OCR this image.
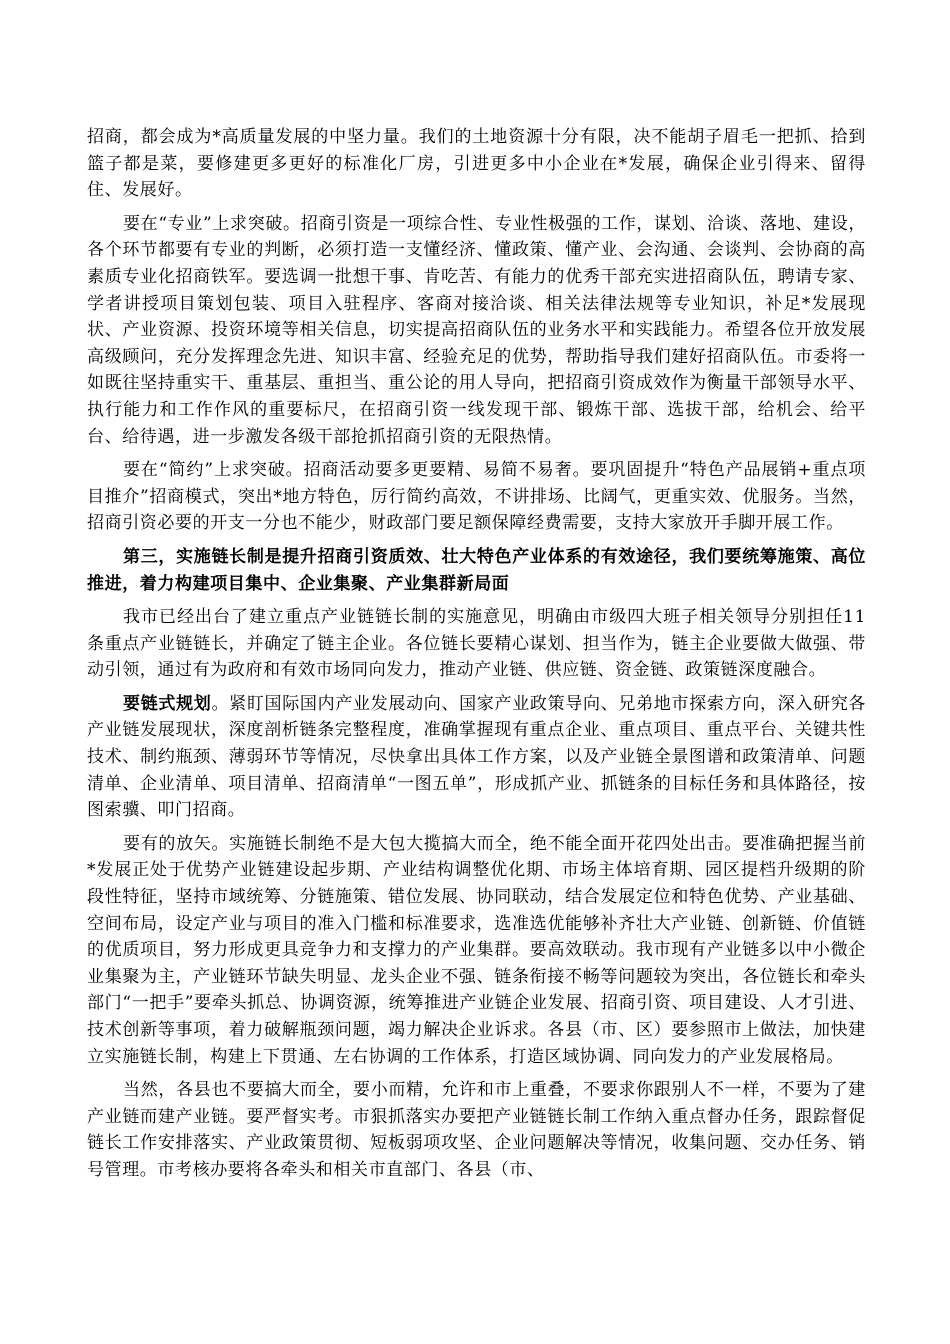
招商，都会成为*高质量发展的中坚力量。我们的土地资源十分有限，决不能胡子眉毛一把抓、拾到篮子都是菜，要修建更多更好的标准化厂房，引进更多中小企业在*发展，确保企业引得来、留得住、发展好。

要在“专业”上求突破。招商引资是一项综合性、专业性极强的工作，谋划、洽谈、落地、建设，各个环节都要有专业的判断，必须打造一支懂经济、懂政策、懂产业、会沟通、会谈判、会协商的高素质专业化招商铁军。要选调一批想干事、肯吃苦、有能力的优秀干部充实进招商队伍，聘请专家、学者讲授项目策划包装、项目入驻程序、客商对接洽谈、相关法律法规等专业知识，补足*发展现状、产业资源、投资环境等相关信息，切实提高招商队伍的业务水平和实践能力。希望各位开放发展高级顾问，充分发挥理念先进、知识丰富、经验充足的优势，帮助指导我们建好招商队伍。市委将一如既往坚持重实干、重基层、重担当、重公论的用人导向，把招商引资成效作为衡量干部领导水平、执行能力和工作作风的重要标尺，在招商引资一线发现干部、锻炼干部、选拔干部，给机会、给平台、给待遇，进一步激发各级干部抢抓招商引资的无限热情。

要在“简约”上求突破。招商活动要多更要精、易简不易奢。要巩固提升“特色产品展销+重点项目推介”招商模式，突出*地方特色，厉行简约高效，不讲排场、比阔气，更重实效、优服务。当然，招商引资必要的开支一分也不能少，财政部门要足额保障经费需要，支持大家放开手脚开展工作。

第三，实施链长制是提升招商引资质效、壮大特色产业体系的有效途径，我们要统筹施策、高位推进，着力构建项目集中、企业集聚、产业集群新局面

我市已经出台了建立重点产业链链长制的实施意见，明确由市级四大班子相关领导分别担任11条重点产业链链长，并确定了链主企业。各位链长要精心谋划、担当作为，链主企业要做大做强、带动引领，通过有为政府和有效市场同向发力，推动产业链、供应链、资金链、政策链深度融合。

要链式规划。紧盯国际国内产业发展动向、国家产业政策导向、兄弟地市探索方向，深入研究各产业链发展现状，深度剖析链条完整程度，准确掌握现有重点企业、重点项目、重点平台、关键共性技术、制约瓶颈、薄弱环节等情况，尽快拿出具体工作方案，以及产业链全景图谱和政策清单、问题清单、企业清单、项目清单、招商清单“一图五单”，形成抓产业、抓链条的目标任务和具体路径，按图索骥、叩门招商。

要有的放矢。实施链长制绝不是大包大揽搞大而全，绝不能全面开花四处出击。要准确把握当前*发展正处于优势产业链建设起步期、产业结构调整优化期、市场主体培育期、园区提档升级期的阶段性特征，坚持市域统筹、分链施策、错位发展、协同联动，结合发展定位和特色优势、产业基础、空间布局，设定产业与项目的准入门槛和标准要求，选准选优能够补齐壮大产业链、创新链、价值链的优质项目，努力形成更具竞争力和支撑力的产业集群。要高效联动。我市现有产业链多以中小微企业集聚为主，产业链环节缺失明显、龙头企业不强、链条衔接不畅等问题较为突出，各位链长和牵头部门“一把手”要牵头抓总、协调资源，统筹推进产业链企业发展、招商引资、项目建设、人才引进、技术创新等事项，着力破解瓶颈问题，竭力解决企业诉求。各县（市、区）要参照市上做法，加快建立实施链长制，构建上下贯通、左右协调的工作体系，打造区域协调、同向发力的产业发展格局。

当然，各县也不要搞大而全，要小而精，允许和市上重叠，不要求你跟别人不一样，不要为了建产业链而建产业链。要严督实考。市狠抓落实办要把产业链链长制工作纳入重点督办任务，跟踪督促链长工作安排落实、产业政策贯彻、短板弱项攻坚、企业问题解决等情况，收集问题、交办任务、销号管理。市考核办要将各牵头和相关市直部门、各县（市、
